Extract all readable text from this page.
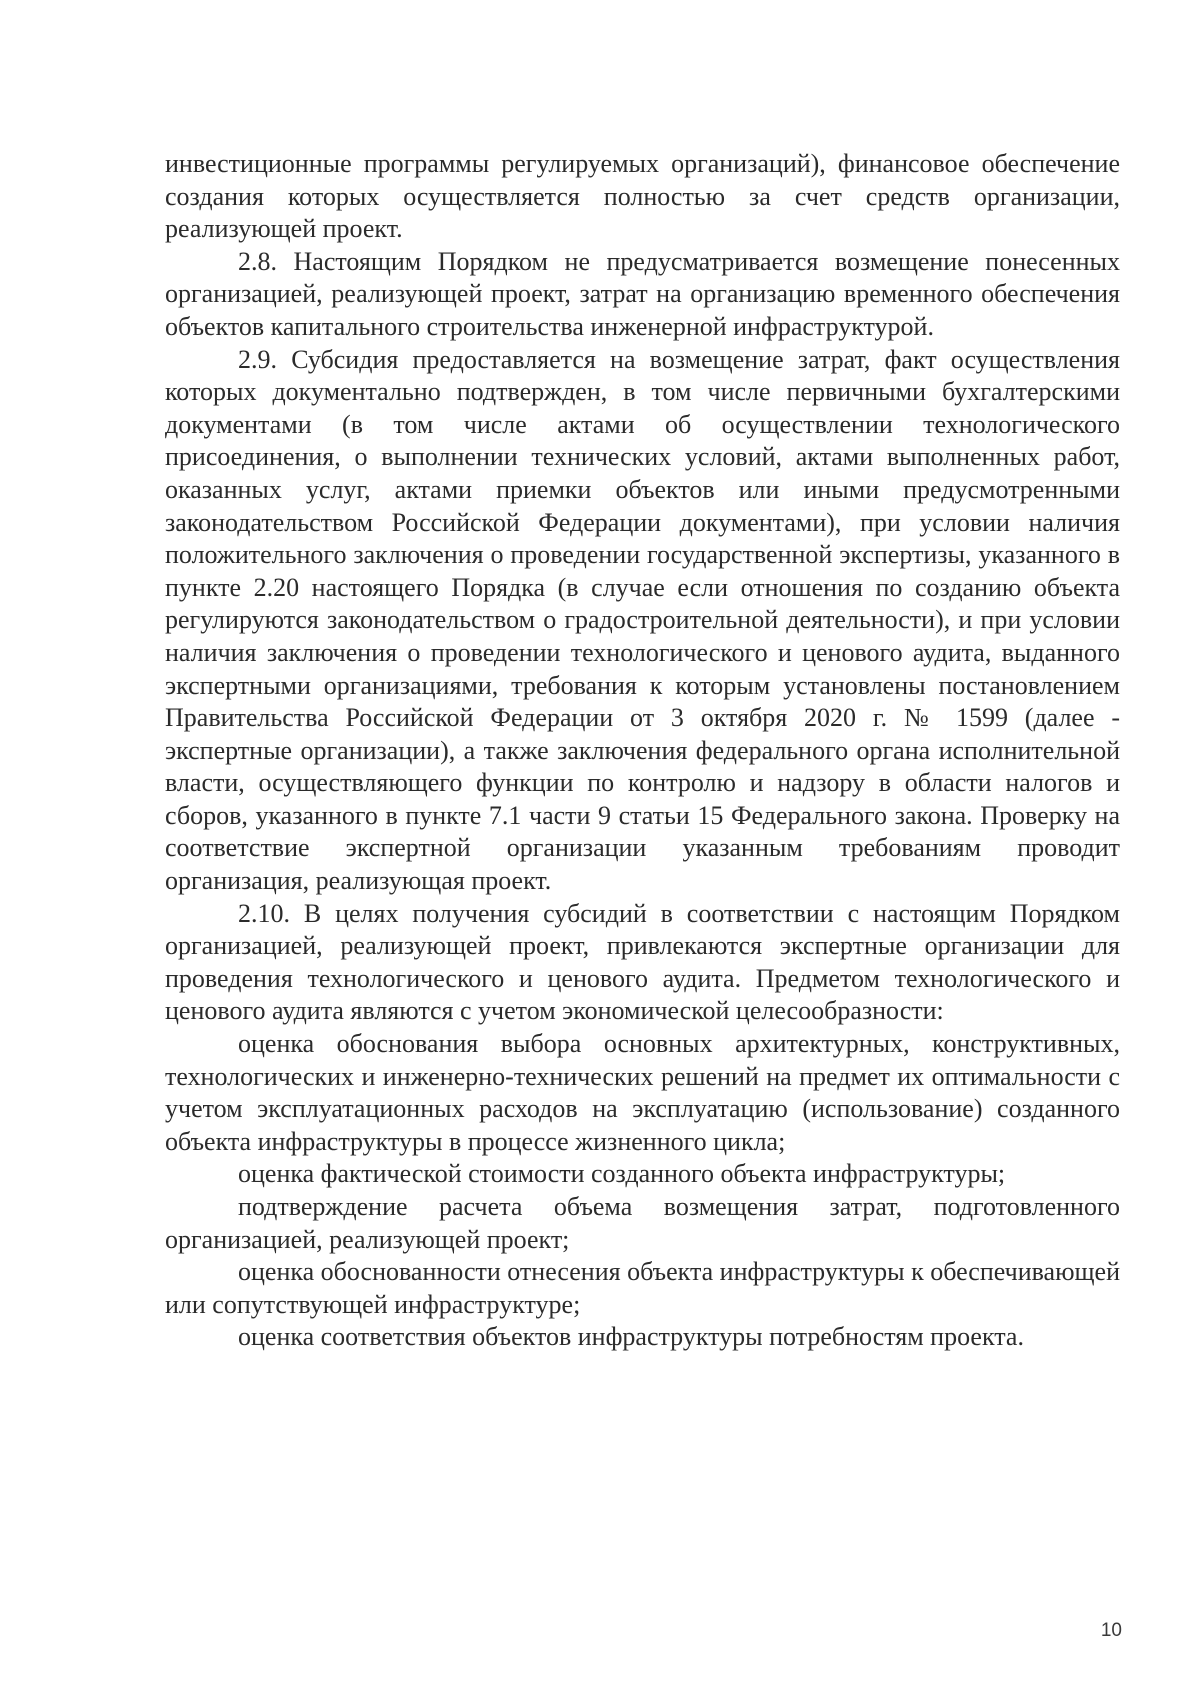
инвестиционные программы регулируемых организаций), финансовое обеспечение создания которых осуществляется полностью за счет средств организации, реализующей проект.

2.8. Настоящим Порядком не предусматривается возмещение понесенных организацией, реализующей проект, затрат на организацию временного обеспечения объектов капитального строительства инженерной инфраструктурой.

2.9. Субсидия предоставляется на возмещение затрат, факт осуществления которых документально подтвержден, в том числе первичными бухгалтерскими документами (в том числе актами об осуществлении технологического присоединения, о выполнении технических условий, актами выполненных работ, оказанных услуг, актами приемки объектов или иными предусмотренными законодательством Российской Федерации документами), при условии наличия положительного заключения о проведении государственной экспертизы, указанного в пункте 2.20 настоящего Порядка (в случае если отношения по созданию объекта регулируются законодательством о градостроительной деятельности), и при условии наличия заключения о проведении технологического и ценового аудита, выданного экспертными организациями, требования к которым установлены постановлением Правительства Российской Федерации от 3 октября 2020 г. № 1599 (далее - экспертные организации), а также заключения федерального органа исполнительной власти, осуществляющего функции по контролю и надзору в области налогов и сборов, указанного в пункте 7.1 части 9 статьи 15 Федерального закона. Проверку на соответствие экспертной организации указанным требованиям проводит организация, реализующая проект.

2.10. В целях получения субсидий в соответствии с настоящим Порядком организацией, реализующей проект, привлекаются экспертные организации для проведения технологического и ценового аудита. Предметом технологического и ценового аудита являются с учетом экономической целесообразности:

оценка обоснования выбора основных архитектурных, конструктивных, технологических и инженерно-технических решений на предмет их оптимальности с учетом эксплуатационных расходов на эксплуатацию (использование) созданного объекта инфраструктуры в процессе жизненного цикла;

оценка фактической стоимости созданного объекта инфраструктуры;

подтверждение расчета объема возмещения затрат, подготовленного организацией, реализующей проект;

оценка обоснованности отнесения объекта инфраструктуры к обеспечивающей или сопутствующей инфраструктуре;

оценка соответствия объектов инфраструктуры потребностям проекта.

10
